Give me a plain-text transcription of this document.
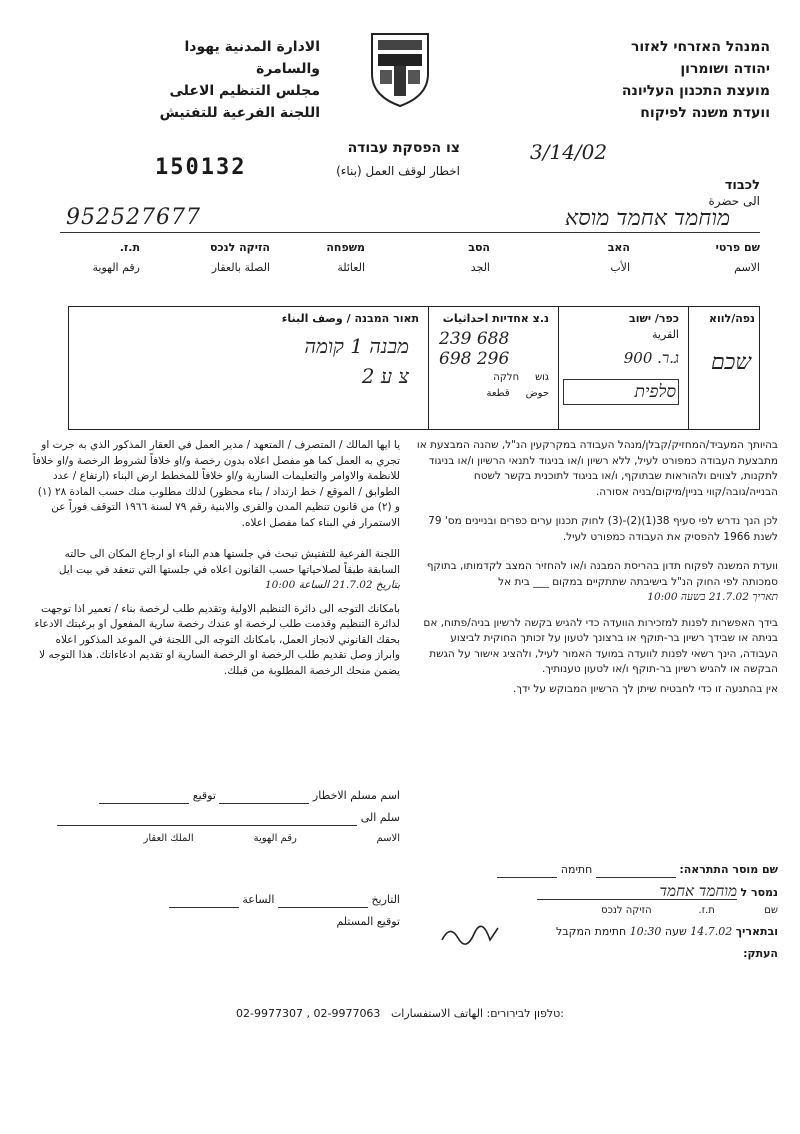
המנהל האזרחי לאזור
יהודה ושומרון
מועצת התכנון העליונה
וועדת משנה לפיקוח
الادارة المدنية يهودا
والسامرة
مجلس التنظيم الاعلى
اللجنة الفرعية للتفتيش
3/14/02
צו הפסקת עבודה
اخطار لوقف العمل (بناء)
150132
לכבוד
الى حضرة
מוחמד אחמד מוסא
952527677
שם פרטי
الاسم
האב
الأب
הסב
الجد
משפחה
العائلة
הזיקה לנכס
الصلة بالعقار
ת.ז.
رقم الهوية
נפה/לווא
כפר/ ישוב
القرية
נ.צ אחדיות احداثيات
תאור המבנה / وصف البناء
שכם
ג.ר. 900
סלפית
239 688
698 296
גוש     חלקה
حوض     قطعة
מבנה 1 קומה
צ ע 2

בהיותך המעביד/המחזיק/קבלן/מנהל העבודה במקרקעין הנ"ל, שהנה המבצעת או מתבצעת העבודה כמפורט לעיל, ללא רשיון ו/או בניגוד לתנאי הרשיון ו/או בניגוד לתקנות, לצווים ולהוראות שבתוקף, ו/או בניגוד לתוכנית בקשר לשטח הבנייה/גובה/קווי בניין/מיקום/בניה אסורה.

לכן הנך נדרש לפי סעיף 38(1)(2)-(3) לחוק תכנון ערים כפרים ובניינים מס' 79 לשנת 1966 להפסיק את העבודה כמפורט לעיל.

וועדת המשנה לפקוח תדון בהריסת המבנה ו/או להחזיר המצב לקדמותו, בתוקף סמכותה לפי החוק הנ"ל בישיבתה שתתקיים במקום ___ בית אל

תאריך 21.7.02 בשעה 10:00

בידך האפשרות לפנות למזכירות הוועדה כדי להגיש בקשה לרשיון בניה/פתוח, אם בניתה או שבידך רשיון בר-תוקף או ברצונך לטעון על זכותך החוקית לביצוע העבודה, הינך רשאי לפנות לוועדה במועד האמור לעיל, ולהציג אישור על הגשת הבקשה או להגיש רשיון בר-תוקף ו/או לטעון טענותיך.

אין בהתנעה זו כדי לחבטיח שיתן לך הרשיון המבוקש על ידך.

שם מוסר התתראה:   חתימה
נמסר ל מוחמד אחמד
שם ת.ז. הזיקה לנכס
ובתאריך 14.7.02 שעה 10:30 חתימת המקבל
העתק:

يا ايها المالك / المتصرف / المتعهد / مدير العمل في العقار المذكور الذي به جرت او تجري به العمل كما هو مفصل اعلاه بدون رخصة و/او خلافاً لشروط الرخصة و/او خلافاً للانظمة والاوامر والتعليمات السارية و/او خلافاً للمخطط ارض البناء (ارتفاع / عدد الطوابق / الموقع / خط ارتداد / بناء محظور) لذلك مطلوب منك حسب المادة ٢٨ (١) و (٢) من قانون تنظيم المدن والقرى والابنية رقم ٧٩ لسنة ١٩٦٦ التوقف فوراً عن الاستمرار في البناء كما مفصل اعلاه.

اللجنة الفرعية للتفتيش تبحث في جلستها هدم البناء او ارجاع المكان الى حالته السابقة طبقاً لصلاحياتها حسب القانون اعلاه في جلستها التي تنعقد في بيت ايل

بتاريخ 21.7.02 الساعة 10:00

بامكانك التوجه الى دائرة التنظيم الاولية وتقديم طلب لرخصة بناء / تعمير اذا توجهت لدائرة التنظيم وقدمت طلب لرخصة او عندك رخصة سارية المفعول او برغبتك الادعاء بحقك القانوني لانجاز العمل، بامكانك التوجه الى اللجنة في الموعد المذكور اعلاه وابراز وصل تقديم طلب الرخصة او الرخصة السارية او تقديم ادعاءاتك. هذا التوجه لا يضمن منحك الرخصة المطلوبة من قبلك.

اسم مسلم الاخطار   توقيع
سلم الى
الاسم رقم الهوية الملك العقار
التاريخ   الساعة
توقيع المستلم
02-9977307 , 02-9977063 טלפון לבירורים: الهاتف الاستفسارات:
